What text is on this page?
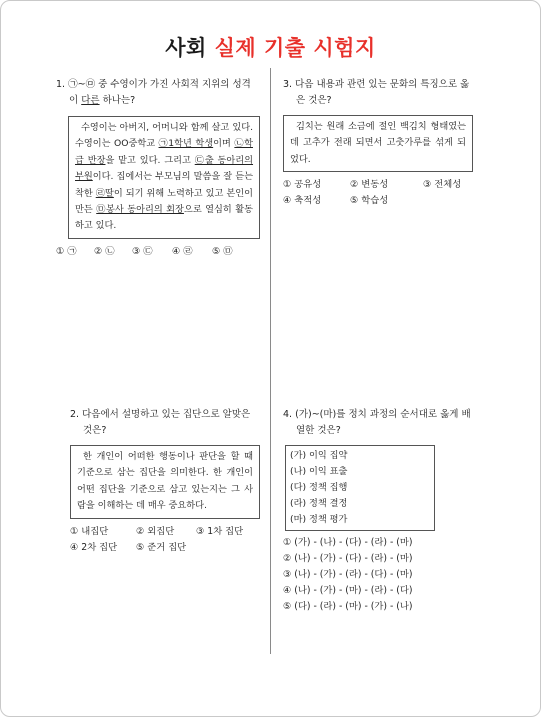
사회 실제 기출 시험지
1. ㉠~㉤ 중 수영이가 가진 사회적 지위의 성격이 다른 하나는?
수영이는 아버지, 어머니와 함께 살고 있다. 수영이는 OO중학교 ㉠1학년 학생이며 ㉡학급 반장을 맡고 있다. 그리고 ㉢출 동아리의 부원이다. 집에서는 부모님의 말씀을 잘 듣는 착한 ㉣딸이 되기 위해 노력하고 있고 본인이 만든 ㉤봉사 동아리의 회장으로 열심히 활동하고 있다.
① ㉠ ② ㉡ ③ ㉢ ④ ㉣ ⑤ ㉤
3. 다음 내용과 관련 있는 문화의 특징으로 옳은 것은?
김치는 원래 소금에 절인 백김치 형태였는데 고추가 전래 되면서 고춧가루를 섞게 되었다.
① 공유성	② 변동성	③ 전체성
④ 축적성	⑤ 학습성
2. 다음에서 설명하고 있는 집단으로 알맞은 것은?
한 개인이 어떠한 행동이나 판단을 할 때 기준으로 삼는 집단을 의미한다. 한 개인이 어떤 집단을 기준으로 삼고 있는지는 그 사람을 이해하는 데 매우 중요하다.
① 내집단	② 외집단 ③ 1차 집단
④ 2차 집단 ⑤ 준거 집단
4. (가)~(마)를 정치 과정의 순서대로 옳게 배열한 것은?
(가) 이익 집약
(나) 이익 표출
(다) 정책 집행
(라) 정책 결정
(마) 정책 평가
① (가) - (나) - (다) - (라) - (마)
② (나) - (가) - (다) - (라) - (마)
③ (나) - (가) - (라) - (다) - (마)
④ (나) - (가) - (마) - (라) - (다)
⑤ (다) - (라) - (마) - (가) - (나)
